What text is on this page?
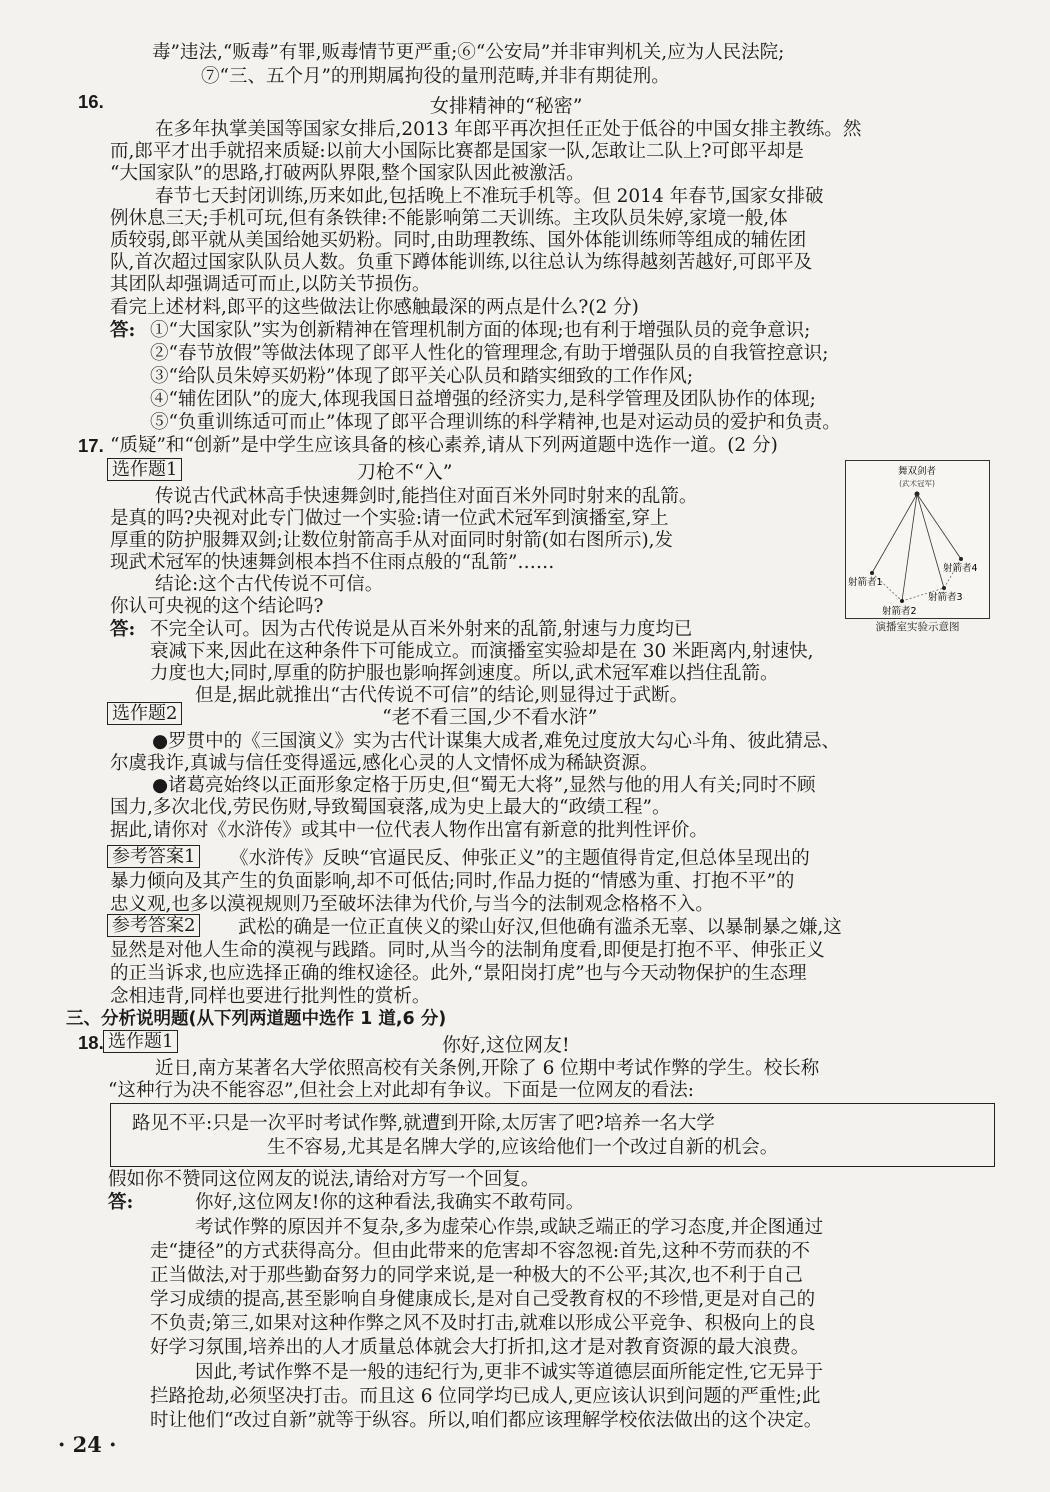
毒”违法,“贩毒”有罪,贩毒情节更严重;⑥“公安局”并非审判机关,应为人民法院;
⑦“三、五个月”的刑期属拘役的量刑范畴,并非有期徒刑。
16.	女排精神的“秘密”
在多年执掌美国等国家女排后,2013 年郎平再次担任正处于低谷的中国女排主教练。然
而,郎平才出手就招来质疑:以前大小国际比赛都是国家一队,怎敢让二队上?可郎平却是
“大国家队”的思路,打破两队界限,整个国家队因此被激活。
春节七天封闭训练,历来如此,包括晚上不准玩手机等。但 2014 年春节,国家女排破
例休息三天;手机可玩,但有条铁律:不能影响第二天训练。主攻队员朱婷,家境一般,体
质较弱,郎平就从美国给她买奶粉。同时,由助理教练、国外体能训练师等组成的辅佐团
队,首次超过国家队队员人数。负重下蹲体能训练,以往总认为练得越刻苦越好,可郎平及
其团队却强调适可而止,以防关节损伤。
看完上述材料,郎平的这些做法让你感触最深的两点是什么?(2 分)
答: ①“大国家队”实为创新精神在管理机制方面的体现;也有利于增强队员的竞争意识;
②“春节放假”等做法体现了郎平人性化的管理理念,有助于增强队员的自我管控意识;
③“给队员朱婷买奶粉”体现了郎平关心队员和踏实细致的工作作风;
④“辅佐团队”的庞大,体现我国日益增强的经济实力,是科学管理及团队协作的体现;
⑤“负重训练适可而止”体现了郎平合理训练的科学精神,也是对运动员的爱护和负责。
17. “质疑”和“创新”是中学生应该具备的核心素养,请从下列两道题中选作一道。(2 分)
选作题1	刀枪不“入”
传说古代武林高手快速舞剑时,能挡住对面百米外同时射来的乱箭。
是真的吗?央视对此专门做过一个实验:请一位武术冠军到演播室,穿上
厚重的防护服舞双剑;让数位射箭高手从对面同时射箭(如右图所示),发
现武术冠军的快速舞剑根本挡不住雨点般的“乱箭”……
结论:这个古代传说不可信。
你认可央视的这个结论吗?
答: 不完全认可。因为古代传说是从百米外射来的乱箭,射速与力度均已
衰减下来,因此在这种条件下可能成立。而演播室实验却是在 30 米距离内,射速快,
力度也大;同时,厚重的防护服也影响挥剑速度。所以,武术冠军难以挡住乱箭。
但是,据此就推出“古代传说不可信”的结论,则显得过于武断。
舞双剑者
(武术冠军)
射箭者1
射箭者2
射箭者3
射箭者4
演播室实验示意图
选作题2	“老不看三国,少不看水浒”
●罗贯中的《三国演义》实为古代计谋集大成者,难免过度放大勾心斗角、彼此猜忌、
尔虞我诈,真诚与信任变得遥远,感化心灵的人文情怀成为稀缺资源。
●诸葛亮始终以正面形象定格于历史,但“蜀无大将”,显然与他的用人有关;同时不顾
国力,多次北伐,劳民伤财,导致蜀国衰落,成为史上最大的“政绩工程”。
据此,请你对《水浒传》或其中一位代表人物作出富有新意的批判性评价。
参考答案1 《水浒传》反映“官逼民反、伸张正义”的主题值得肯定,但总体呈现出的
暴力倾向及其产生的负面影响,却不可低估;同时,作品力挺的“情感为重、打抱不平”的
忠义观,也多以漠视规则乃至破坏法律为代价,与当今的法制观念格格不入。
参考答案2 武松的确是一位正直侠义的梁山好汉,但他确有滥杀无辜、以暴制暴之嫌,这
显然是对他人生命的漠视与践踏。同时,从当今的法制角度看,即便是打抱不平、伸张正义
的正当诉求,也应选择正确的维权途径。此外,“景阳岗打虎”也与今天动物保护的生态理
念相违背,同样也要进行批判性的赏析。
三、分析说明题(从下列两道题中选作 1 道,6 分)
18. 选作题1	你好,这位网友!
近日,南方某著名大学依照高校有关条例,开除了 6 位期中考试作弊的学生。校长称
“这种行为决不能容忍”,但社会上对此却有争议。下面是一位网友的看法:
路见不平:只是一次平时考试作弊,就遭到开除,太厉害了吧?培养一名大学
生不容易,尤其是名牌大学的,应该给他们一个改过自新的机会。
假如你不赞同这位网友的说法,请给对方写一个回复。
答:	你好,这位网友!你的这种看法,我确实不敢苟同。
考试作弊的原因并不复杂,多为虚荣心作祟,或缺乏端正的学习态度,并企图通过
走“捷径”的方式获得高分。但由此带来的危害却不容忽视:首先,这种不劳而获的不
正当做法,对于那些勤奋努力的同学来说,是一种极大的不公平;其次,也不利于自己
学习成绩的提高,甚至影响自身健康成长,是对自己受教育权的不珍惜,更是对自己的
不负责;第三,如果对这种作弊之风不及时打击,就难以形成公平竞争、积极向上的良
好学习氛围,培养出的人才质量总体就会大打折扣,这才是对教育资源的最大浪费。
因此,考试作弊不是一般的违纪行为,更非不诚实等道德层面所能定性,它无异于
拦路抢劫,必须坚决打击。而且这 6 位同学均已成人,更应该认识到问题的严重性;此
时让他们“改过自新”就等于纵容。所以,咱们都应该理解学校依法做出的这个决定。
· 24 ·
